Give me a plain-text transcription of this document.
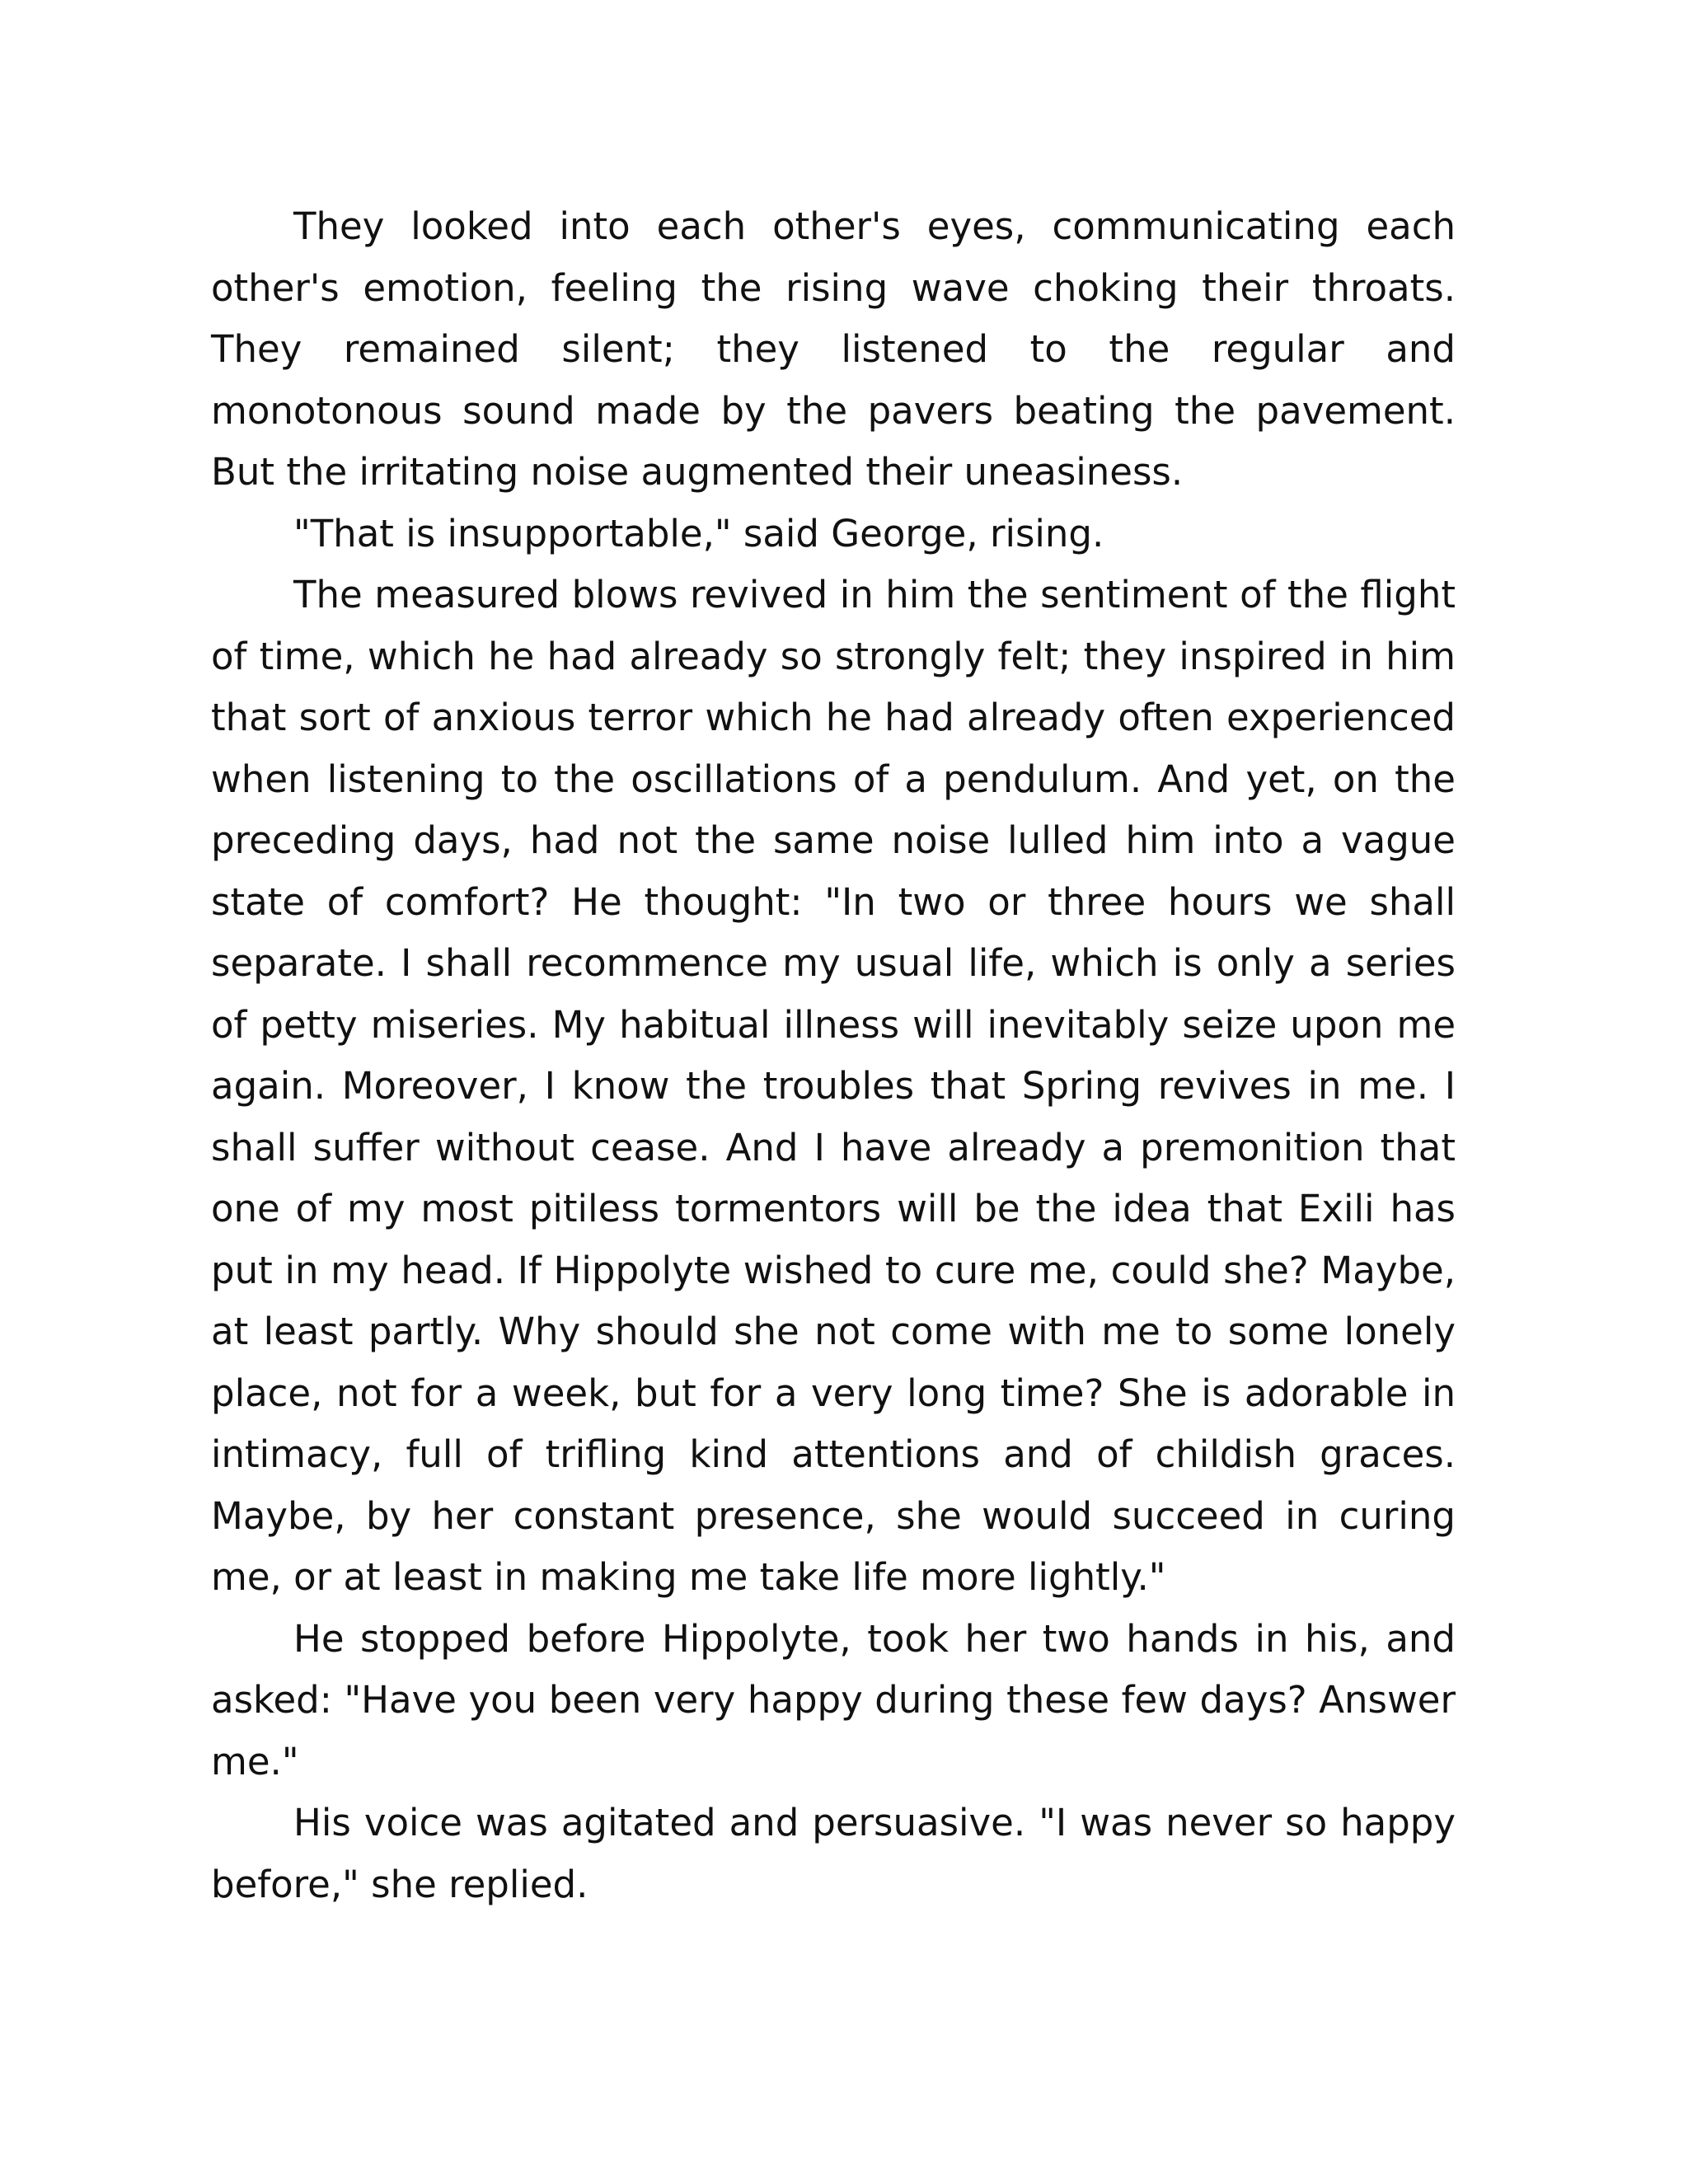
They looked into each other's eyes, communicating each other's emotion, feeling the rising wave choking their throats. They remained silent; they listened to the regular and monotonous sound made by the pavers beating the pavement. But the irritating noise augmented their uneasiness.

"That is insupportable," said George, rising.

The measured blows revived in him the sentiment of the flight of time, which he had already so strongly felt; they inspired in him that sort of anxious terror which he had already often experienced when listening to the oscillations of a pendulum. And yet, on the preceding days, had not the same noise lulled him into a vague state of comfort? He thought: "In two or three hours we shall separate. I shall recommence my usual life, which is only a series of petty miseries. My habitual illness will inevitably seize upon me again. Moreover, I know the troubles that Spring revives in me. I shall suffer without cease. And I have already a premonition that one of my most pitiless tormentors will be the idea that Exili has put in my head. If Hippolyte wished to cure me, could she? Maybe, at least partly. Why should she not come with me to some lonely place, not for a week, but for a very long time? She is adorable in intimacy, full of trifling kind attentions and of childish graces. Maybe, by her constant presence, she would succeed in curing me, or at least in making me take life more lightly."

He stopped before Hippolyte, took her two hands in his, and asked: "Have you been very happy during these few days? Answer me."

His voice was agitated and persuasive. "I was never so happy before," she replied.
